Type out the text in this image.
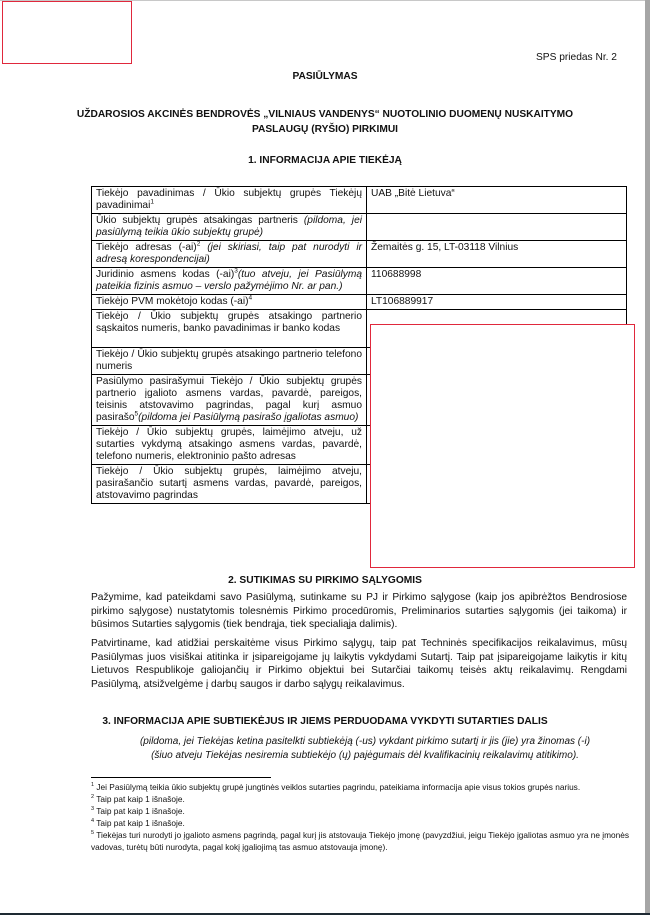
SPS priedas Nr. 2
PASIŪLYMAS
UŽDAROSIOS AKCINĖS BENDROVĖS „VILNIAUS VANDENYS“ NUOTOLINIO DUOMENŲ NUSKAITYMO PASLAUGŲ (RYŠIO) PIRKIMUI
1. INFORMACIJA APIE TIEKĖJĄ
Tiekėjo pavadinimas / Ūkio subjektų grupės Tiekėjų pavadinimai$^1$	UAB „Bitė Lietuva“
Ūkio subjektų grupės atsakingas partneris (pildoma, jei pasiūlymą teikia ūkio subjektų grupė)	
Tiekėjo adresas $(-ai)^2$ (jei skiriasi, taip pat nurodyti ir adresą korespondencijai)	Žemaitės g. 15, LT-03118 Vilnius
Juridinio asmens kodas $(-ai)^3(tuo$ atveju, jei Pasiūlymą pateikia fizinis asmuo – verslo pažymėjimo Nr. ar pan.)	110688998
Tiekėjo PVM mokėtojo kodas $(-ai)^4$	LT106889917
Tiekėjo / Ūkio subjektų grupės atsakingo partnerio sąskaitos numeris, banko pavadinimas ir banko kodas	
Tiekėjo / Ūkio subjektų grupės atsakingo partnerio telefono numeris	
Pasiūlymo pasirašymui Tiekėjo / Ūkio subjektų grupės partnerio įgalioto asmens vardas, pavardė, pareigos, teisinis atstovavimo pagrindas, pagal kurį asmuo pasirašo$^5$(pildoma jei Pasiūlymą pasirašo įgaliotas asmuo)	
Tiekėjo / Ūkio subjektų grupės, laimėjimo atveju, už sutarties vykdymą atsakingo asmens vardas, pavardė, telefono numeris, elektroninio pašto adresas	
Tiekėjo / Ūkio subjektų grupės, laimėjimo atveju, pasirašančio sutartį asmens vardas, pavardė, pareigos, atstovavimo pagrindas	
2. SUTIKIMAS SU PIRKIMO SĄLYGOMIS
Pažymime, kad pateikdami savo Pasiūlymą, sutinkame su PJ ir Pirkimo sąlygose (kaip jos apibrėžtos Bendrosiose pirkimo sąlygose) nustatytomis tolesnėmis Pirkimo procedūromis, Preliminarios sutarties sąlygomis (jei taikoma) ir būsimos Sutarties sąlygomis (tiek bendrąja, tiek specialiąja dalimis).
Patvirtiname, kad atidžiai perskaitėme visus Pirkimo sąlygų, taip pat Techninės specifikacijos reikalavimus, mūsų Pasiūlymas juos visiškai atitinka ir įsipareigojame jų laikytis vykdydami Sutartį. Taip pat įsipareigojame laikytis ir kitų Lietuvos Respublikoje galiojančių ir Pirkimo objektui bei Sutarčiai taikomų teisės aktų reikalavimų. Rengdami Pasiūlymą, atsižvelgėme į darbų saugos ir darbo sąlygų reikalavimus.
3. INFORMACIJA APIE SUBTIEKĖJUS IR JIEMS PERDUODAMA VYKDYTI SUTARTIES DALIS
(pildoma, jei Tiekėjas ketina pasitelkti subtiekėją (-us) vykdant pirkimo sutartį ir jis (jie) yra žinomas (-i)
(šiuo atveju Tiekėjas nesiremia subtiekėjo (ų) pajėgumais dėl kvalifikacinių reikalavimų atitikimo).
$^1$ Jei Pasiūlymą teikia ūkio subjektų grupė jungtinės veiklos sutarties pagrindu, pateikiama informacija apie visus tokios grupės narius.
$^2$ Taip pat kaip 1 išnašoje.
$^3$ Taip pat kaip 1 išnašoje.
$^4$ Taip pat kaip 1 išnašoje.
$^5$ Tiekėjas turi nurodyti jo įgalioto asmens pagrindą, pagal kurį jis atstovauja Tiekėjo įmonę (pavyzdžiui, jeigu Tiekėjo įgaliotas asmuo yra ne įmonės vadovas, turėtų būti nurodyta, pagal kokį įgaliojimą tas asmuo atstovauja įmonę).
